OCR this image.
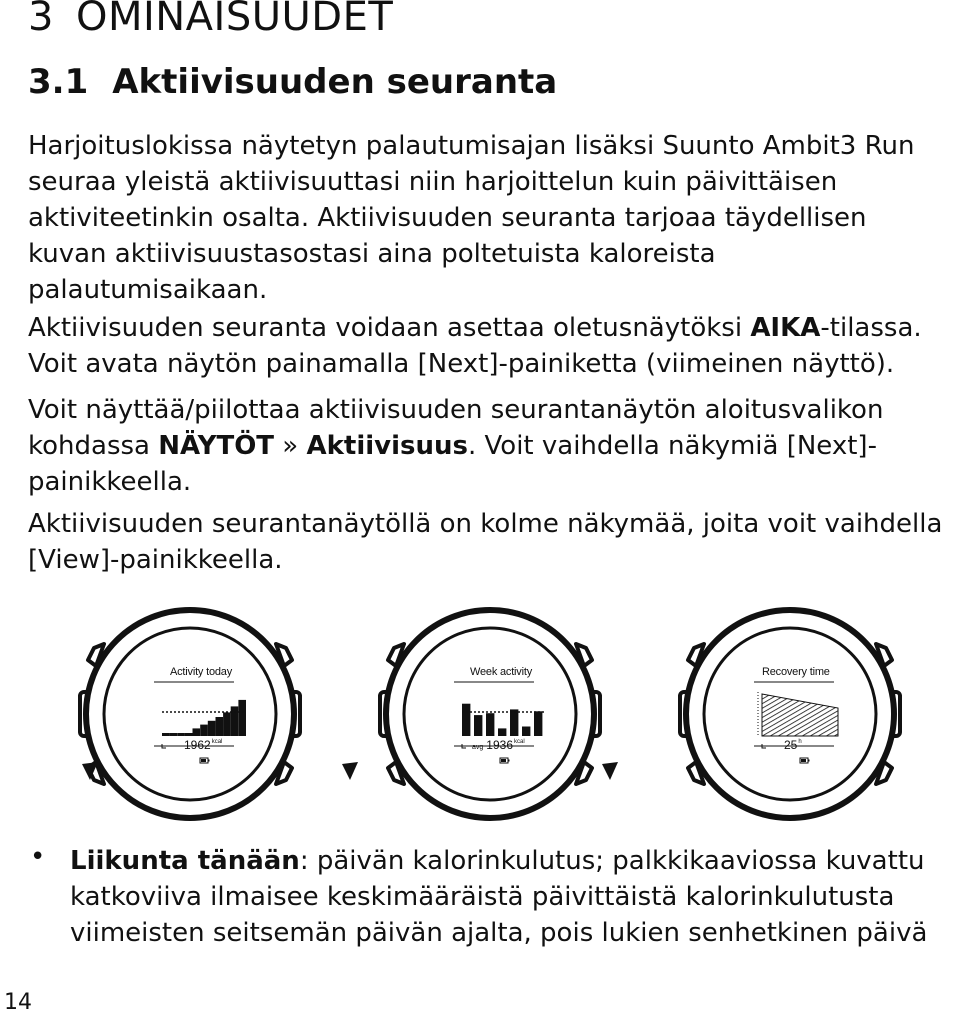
3 OMINAISUUDET
3.1 Aktiivisuuden seuranta

Harjoituslokissa näytetyn palautumisajan lisäksi Suunto Ambit3 Run seuraa yleistä aktiivisuuttasi niin harjoittelun kuin päivittäisen aktiviteetinkin osalta. Aktiivisuuden seuranta tarjoaa täydellisen kuvan aktiivisuustasostasi aina poltetuista kaloreista palautumisaikaan.

Aktiivisuuden seuranta voidaan asettaa oletusnäytöksi AIKA-tilassa. Voit avata näytön painamalla [Next]-painiketta (viimeinen näyttö).

Voit näyttää/piilottaa aktiivisuuden seurantanäytön aloitusvalikon kohdassa NÄYTÖT » Aktiivisuus. Voit vaihdella näkymiä [Next]-painikkeella.

Aktiivisuuden seurantanäytöllä on kolme näkymää, joita voit vaihdella [View]-painikkeella.

Activity today
$1962^{kcal}$
Week activity
avg $1936^{kcal}$
Recovery time
25$^h$
• Liikunta tänään: päivän kalorinkulutus; palkkikaaviossa kuvattu katkoviiva ilmaisee keskimääräistä päivittäistä kalorinkulutusta viimeisten seitsemän päivän ajalta, pois lukien senhetkinen päivä

14
